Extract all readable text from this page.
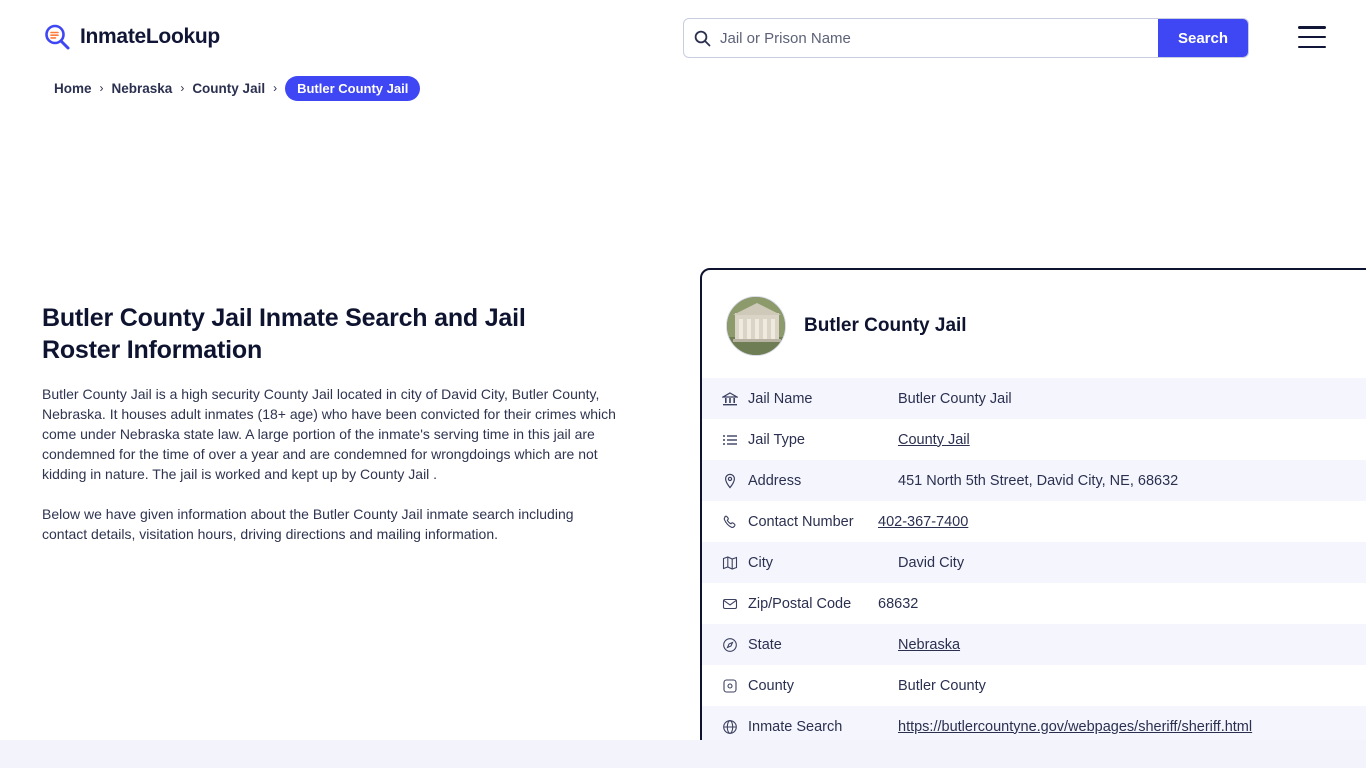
InmateLookup
Jail or Prison Name	Search
Home › Nebraska › County Jail ›	Butler County Jail
Butler County Jail Inmate Search and Jail Roster Information

Butler County Jail is a high security County Jail located in city of David City, Butler County, Nebraska. It houses adult inmates (18+ age) who have been convicted for their crimes which come under Nebraska state law. A large portion of the inmate's serving time in this jail are condemned for the time of over a year and are condemned for wrongdoings which are not kidding in nature. The jail is worked and kept up by County Jail .

Below we have given information about the Butler County Jail inmate search including contact details, visitation hours, driving directions and mailing information.

Butler County Jail
Jail Name	Butler County Jail
Jail Type	County Jail
Address	451 North 5th Street, David City, NE, 68632
Contact Number	402-367-7400
City	David City
Zip/Postal Code	68632
State	Nebraska
County	Butler County
Inmate Search	https://butlercountyne.gov/webpages/sheriff/sheriff.html
